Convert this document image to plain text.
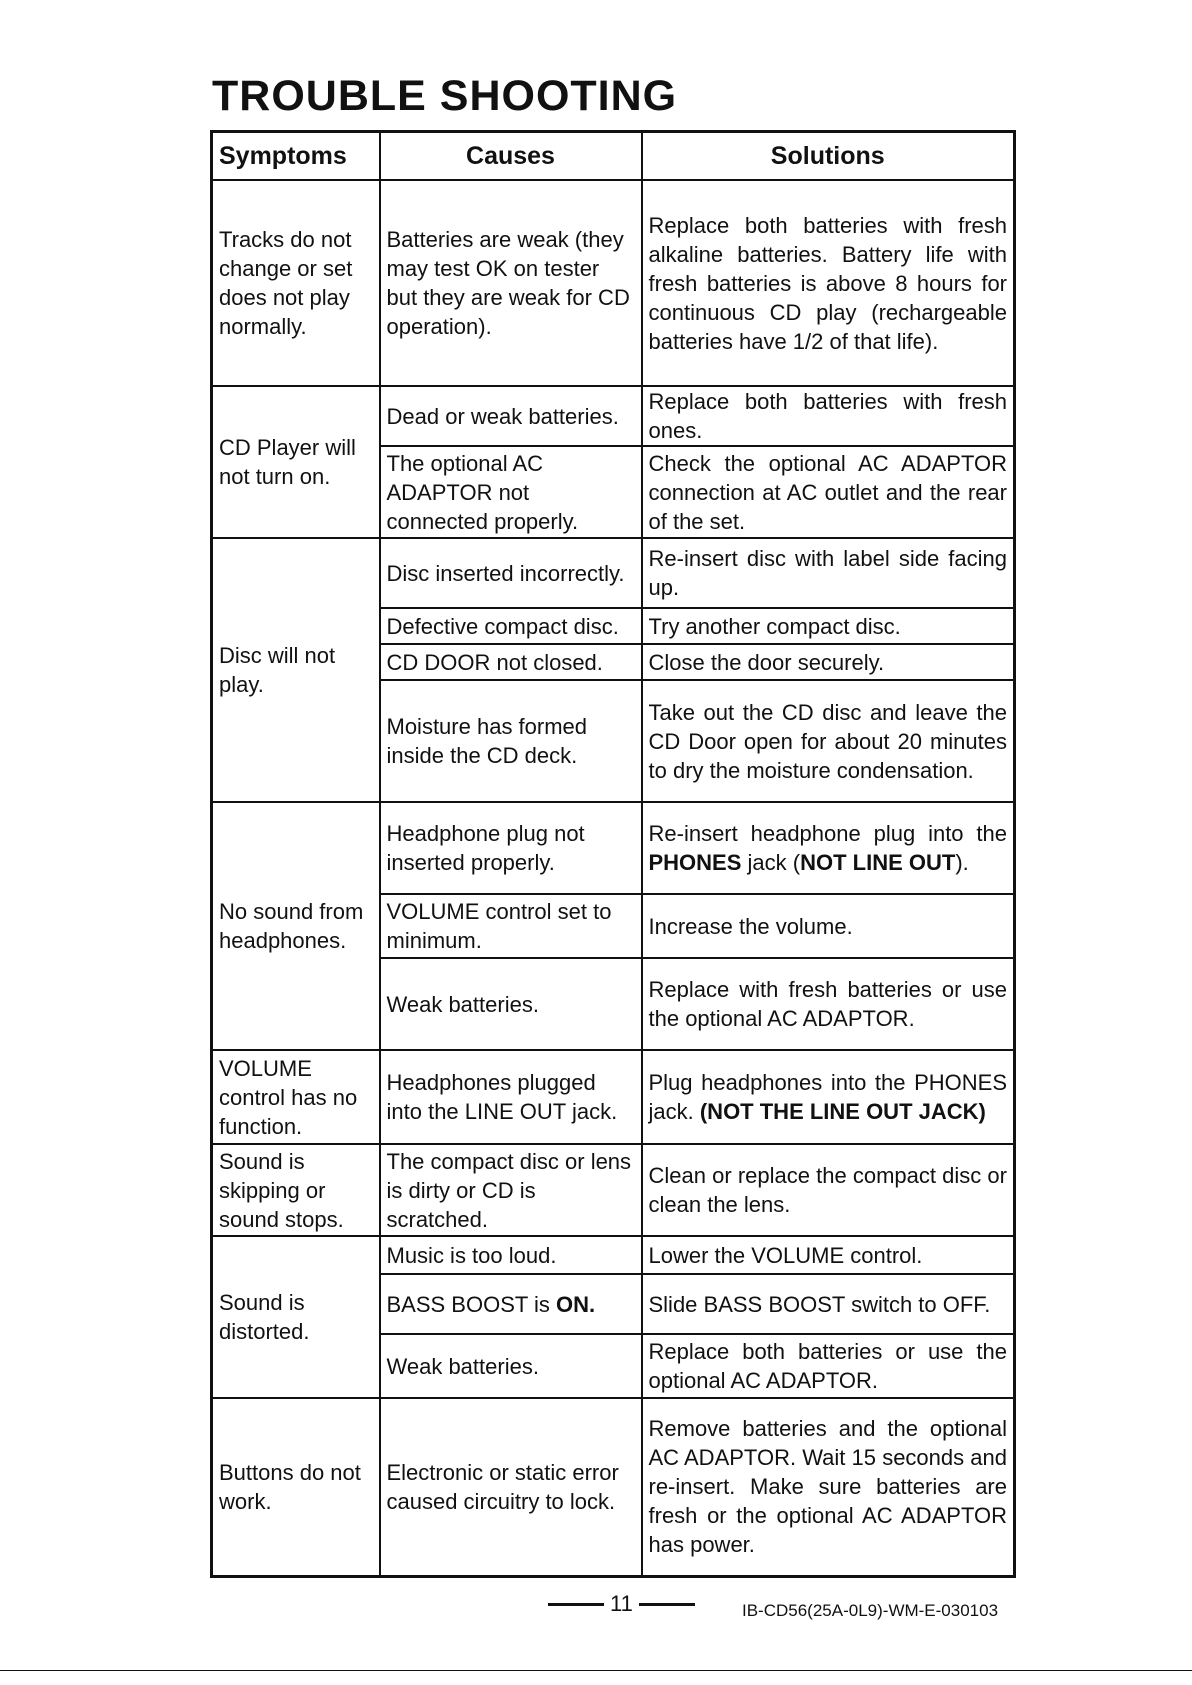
TROUBLE SHOOTING
Symptoms	Causes	Solutions
Tracks do not change or set does not play normally.	Batteries are weak (they may test OK on tester but they are weak for CD operation).	Replace both batteries with fresh alkaline batteries. Battery life with fresh batteries is above 8 hours for continuous CD play (rechargeable batteries have 1/2 of that life).
CD Player will not turn on.	Dead or weak batteries.	Replace both batteries with fresh ones.
	The optional AC ADAPTOR not connected properly.	Check the optional AC ADAPTOR connection at AC outlet and the rear of the set.
Disc will not play.	Disc inserted incorrectly.	Re-insert disc with label side facing up.
	Defective compact disc.	Try another compact disc.
	CD DOOR not closed.	Close the door securely.
	Moisture has formed inside the CD deck.	Take out the CD disc and leave the CD Door open for about 20 minutes to dry the moisture condensation.
No sound from headphones.	Headphone plug not inserted properly.	Re-insert headphone plug into the PHONES jack (NOT LINE OUT).
	VOLUME control set to minimum.	Increase the volume.
	Weak batteries.	Replace with fresh batteries or use the optional AC ADAPTOR.
VOLUME control has no function.	Headphones plugged into the LINE OUT jack.	Plug headphones into the PHONES jack. (NOT THE LINE OUT JACK)
Sound is skipping or sound stops.	The compact disc or lens is dirty or CD is scratched.	Clean or replace the compact disc or clean the lens.
Sound is distorted.	Music is too loud.	Lower the VOLUME control.
	BASS BOOST is ON.	Slide BASS BOOST switch to OFF.
	Weak batteries.	Replace both batteries or use the optional AC ADAPTOR.
Buttons do not work.	Electronic or static error caused circuitry to lock.	Remove batteries and the optional AC ADAPTOR. Wait 15 seconds and re-insert. Make sure batteries are fresh or the optional AC ADAPTOR has power.
11	IB-CD56(25A-0L9)-WM-E-030103
